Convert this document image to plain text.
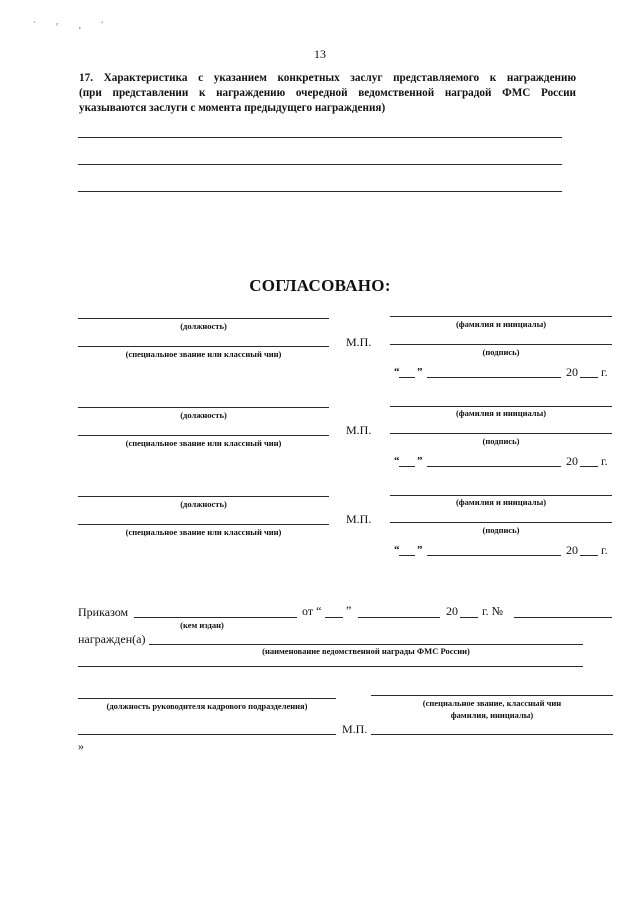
` ᶜ , '
13
17. Характеристика с указанием конкретных заслуг представляемого к награждению
(при представлении к награждению очередной ведомственной наградой ФМС России
указываются заслуги с момента предыдущего награждения)
СОГЛАСОВАНО:
(должность)
(специальное звание или классный чин)
М.П.
(фамилия и инициалы)
(подпись)
“ ”	20 г.
(должность)
(специальное звание или классный чин)
М.П.
(фамилия и инициалы)
(подпись)
“ ”	20 г.
(должность)
(специальное звание или классный чин)
М.П.
(фамилия и инициалы)
(подпись)
“ ”	20 г.
Приказом
(кем издан)
от “ ”	20 г. №
награжден(а)
(наименование ведомственной награды ФМС России)
(должность руководителя кадрового подразделения)	(специальное звание, классный чин
фамилия, инициалы)
М.П.
»
